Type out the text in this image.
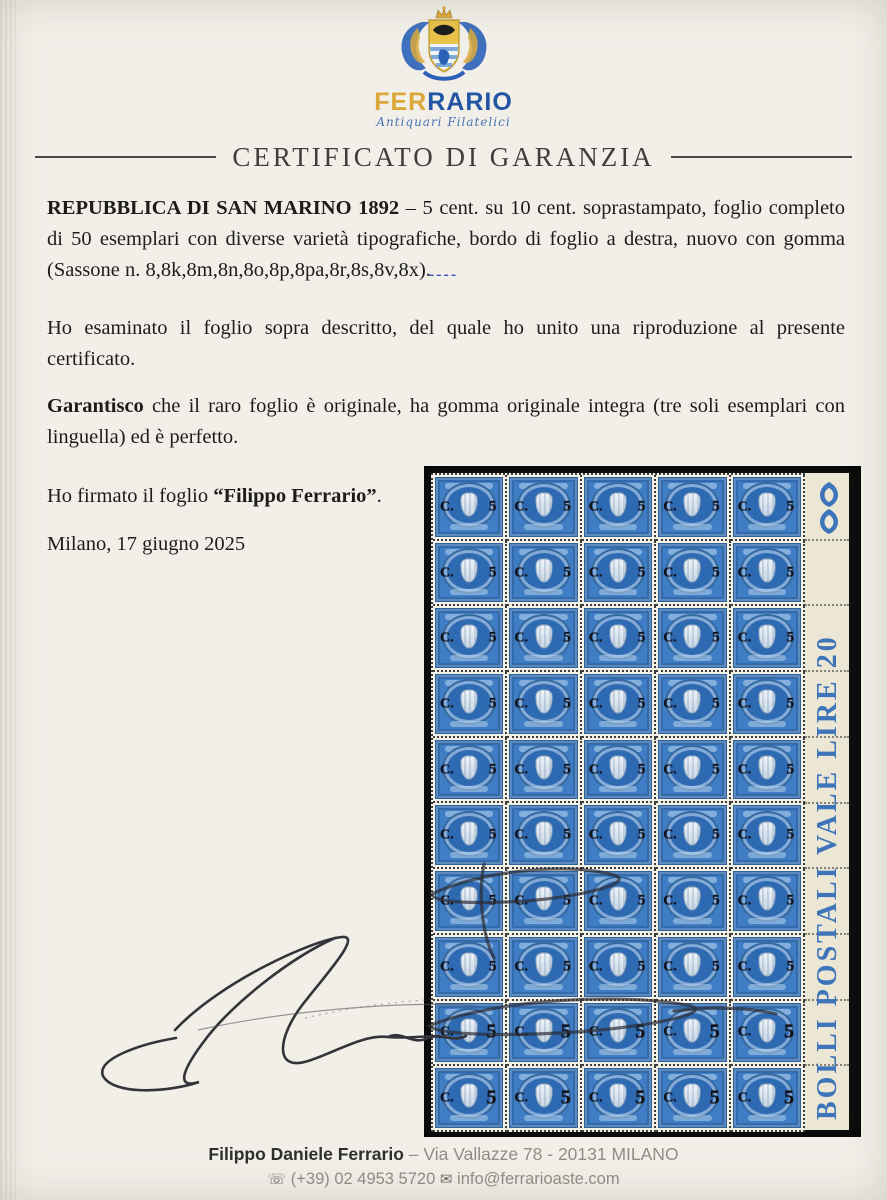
FERRARIO
Antiquari Filatelici
CERTIFICATO DI GARANZIA
REPUBBLICA DI SAN MARINO 1892 – 5 cent. su 10 cent. soprastampato, foglio completo di 50 esemplari con diverse varietà tipografiche, bordo di foglio a destra, nuovo con gomma (Sassone n. 8,8k,8m,8n,8o,8p,8pa,8r,8s,8v,8x).
----
Ho esaminato il foglio sopra descritto, del quale ho unito una riproduzione al presente certificato.
Garantisco che il raro foglio è originale, ha gomma originale integra (tre soli esemplari con linguella) ed è perfetto.
Ho firmato il foglio “Filippo Ferrario”.
Milano, 17 giugno 2025
C. 5 C. 5 C. 5 C. 5 C. 5
C. 5 C. 5 C. 5 C. 5 C. 5
C. 5 C. 5 C. 5 C. 5 C. 5
C. 5 C. 5 C. 5 C. 5 C. 5
C. 5 C. 5 C. 5 C. 5 C. 5
C. 5 C. 5 C. 5 C. 5 C. 5
C. 5 C. 5 C. 5 C. 5 C. 5
C. 5 C. 5 C. 5 C. 5 C. 5
C. 5 C. 5 C. 5 C. 5 C. 5
C. 5 C. 5 C. 5 C. 5 C. 5 BOLLI POSTALI VALE LIRE 20
Filippo Daniele Ferrario – Via Vallazze 78 - 20131 MILANO
☏ (+39) 02 4953 5720 ✉ info@ferrarioaste.com
